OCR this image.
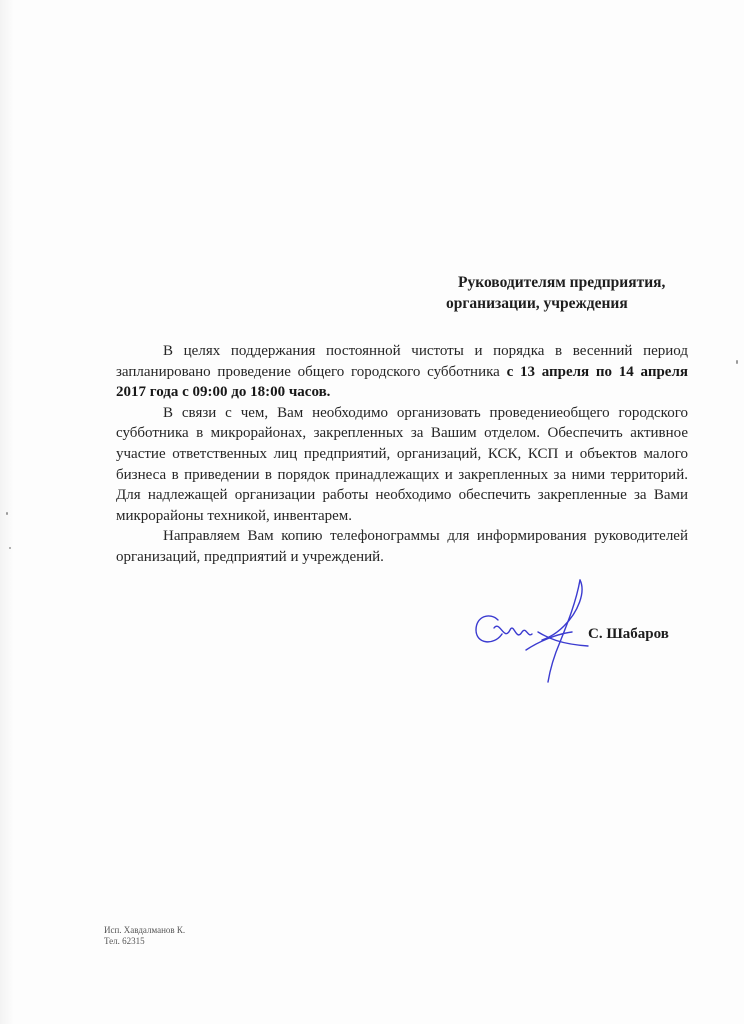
Руководителям предприятия,
организации, учреждения

В целях поддержания постоянной чистоты и порядка в весенний период запланировано проведение общего городского субботника с 13 апреля по 14 апреля 2017 года с 09:00 до 18:00 часов.

В связи с чем, Вам необходимо организовать проведениеобщего городского субботника в микрорайонах, закрепленных за Вашим отделом. Обеспечить активное участие ответственных лиц предприятий, организаций, КСК, КСП и объектов малого бизнеса в приведении в порядок принадлежащих и закрепленных за ними территорий. Для надлежащей организации работы необходимо обеспечить закрепленные за Вами микрорайоны техникой, инвентарем.

Направляем Вам копию телефонограммы для информирования руководителей организаций, предприятий и учреждений.

С. Шабаров
Исп. Хавдалманов К.
Тел. 62315
